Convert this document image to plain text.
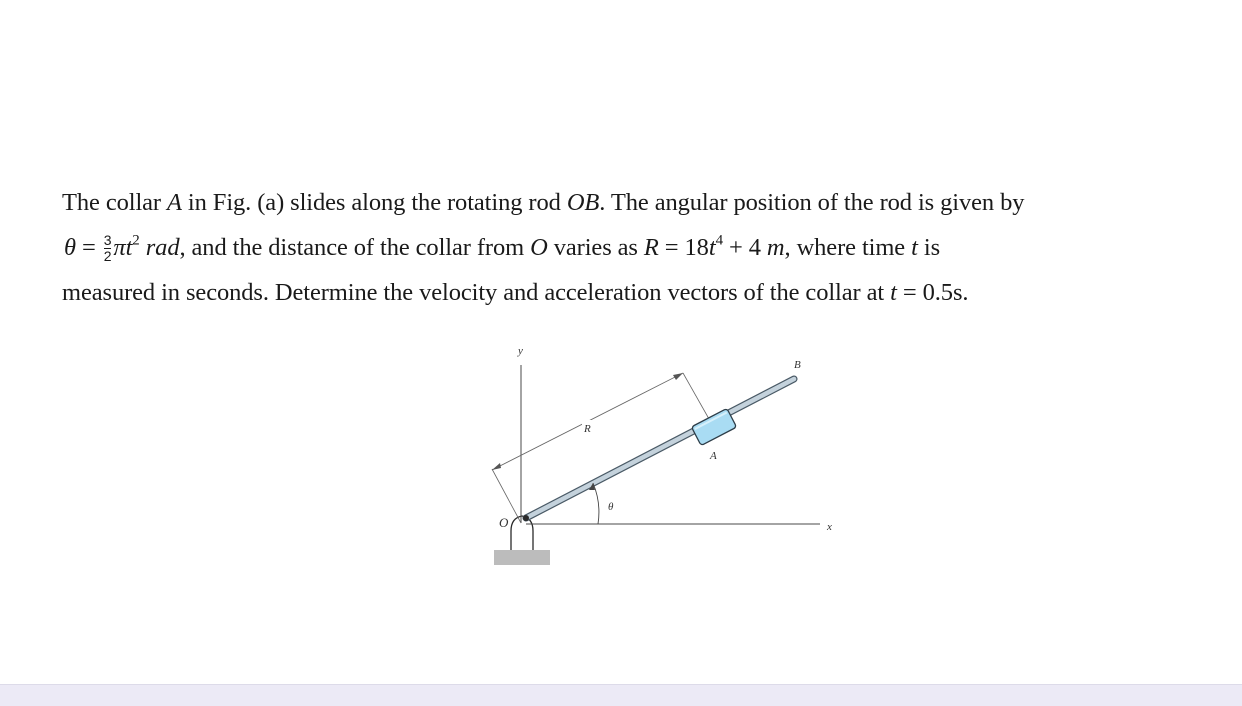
The collar A in Fig. (a) slides along the rotating rod OB. The angular position of the rod is given by
$\theta = \frac{3}{2} \pi t^2$ rad, and the distance of the collar from O varies as $R = 18t^4 + 4$ m, where time t is
measured in seconds. Determine the velocity and acceleration vectors of the collar at t = 0.5s.
y
x
R
B
A
θ
O
